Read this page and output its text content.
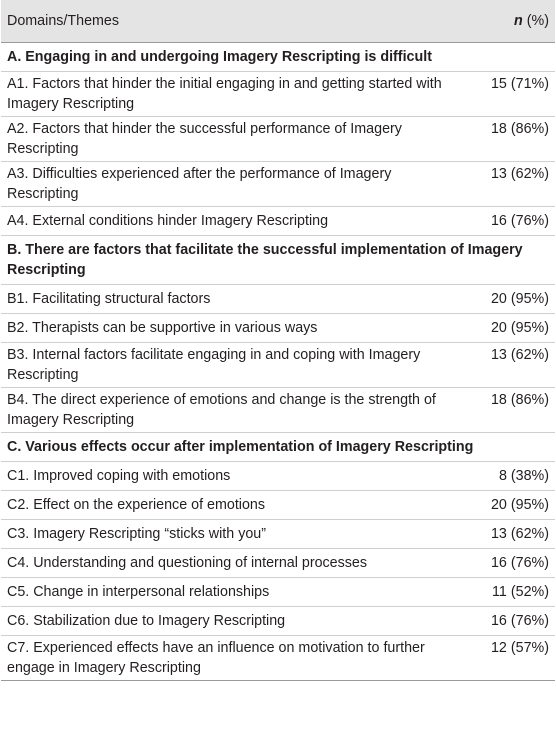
Domains/Themes	n (%)
A. Engaging in and undergoing Imagery Rescripting is difficult	
A1. Factors that hinder the initial engaging in and getting started with Imagery Rescripting	15 (71%)
A2. Factors that hinder the successful performance of Imagery Rescripting	18 (86%)
A3. Difficulties experienced after the performance of Imagery Rescripting	13 (62%)
A4. External conditions hinder Imagery Rescripting	16 (76%)
B. There are factors that facilitate the successful implementation of Imagery Rescripting	
B1. Facilitating structural factors	20 (95%)
B2. Therapists can be supportive in various ways	20 (95%)
B3. Internal factors facilitate engaging in and coping with Imagery Rescripting	13 (62%)
B4. The direct experience of emotions and change is the strength of Imagery Rescripting	18 (86%)
C. Various effects occur after implementation of Imagery Rescripting	
C1. Improved coping with emotions	8 (38%)
C2. Effect on the experience of emotions	20 (95%)
C3. Imagery Rescripting “sticks with you”	13 (62%)
C4. Understanding and questioning of internal processes	16 (76%)
C5. Change in interpersonal relationships	11 (52%)
C6. Stabilization due to Imagery Rescripting	16 (76%)
C7. Experienced effects have an influence on motivation to further engage in Imagery Rescripting	12 (57%)
